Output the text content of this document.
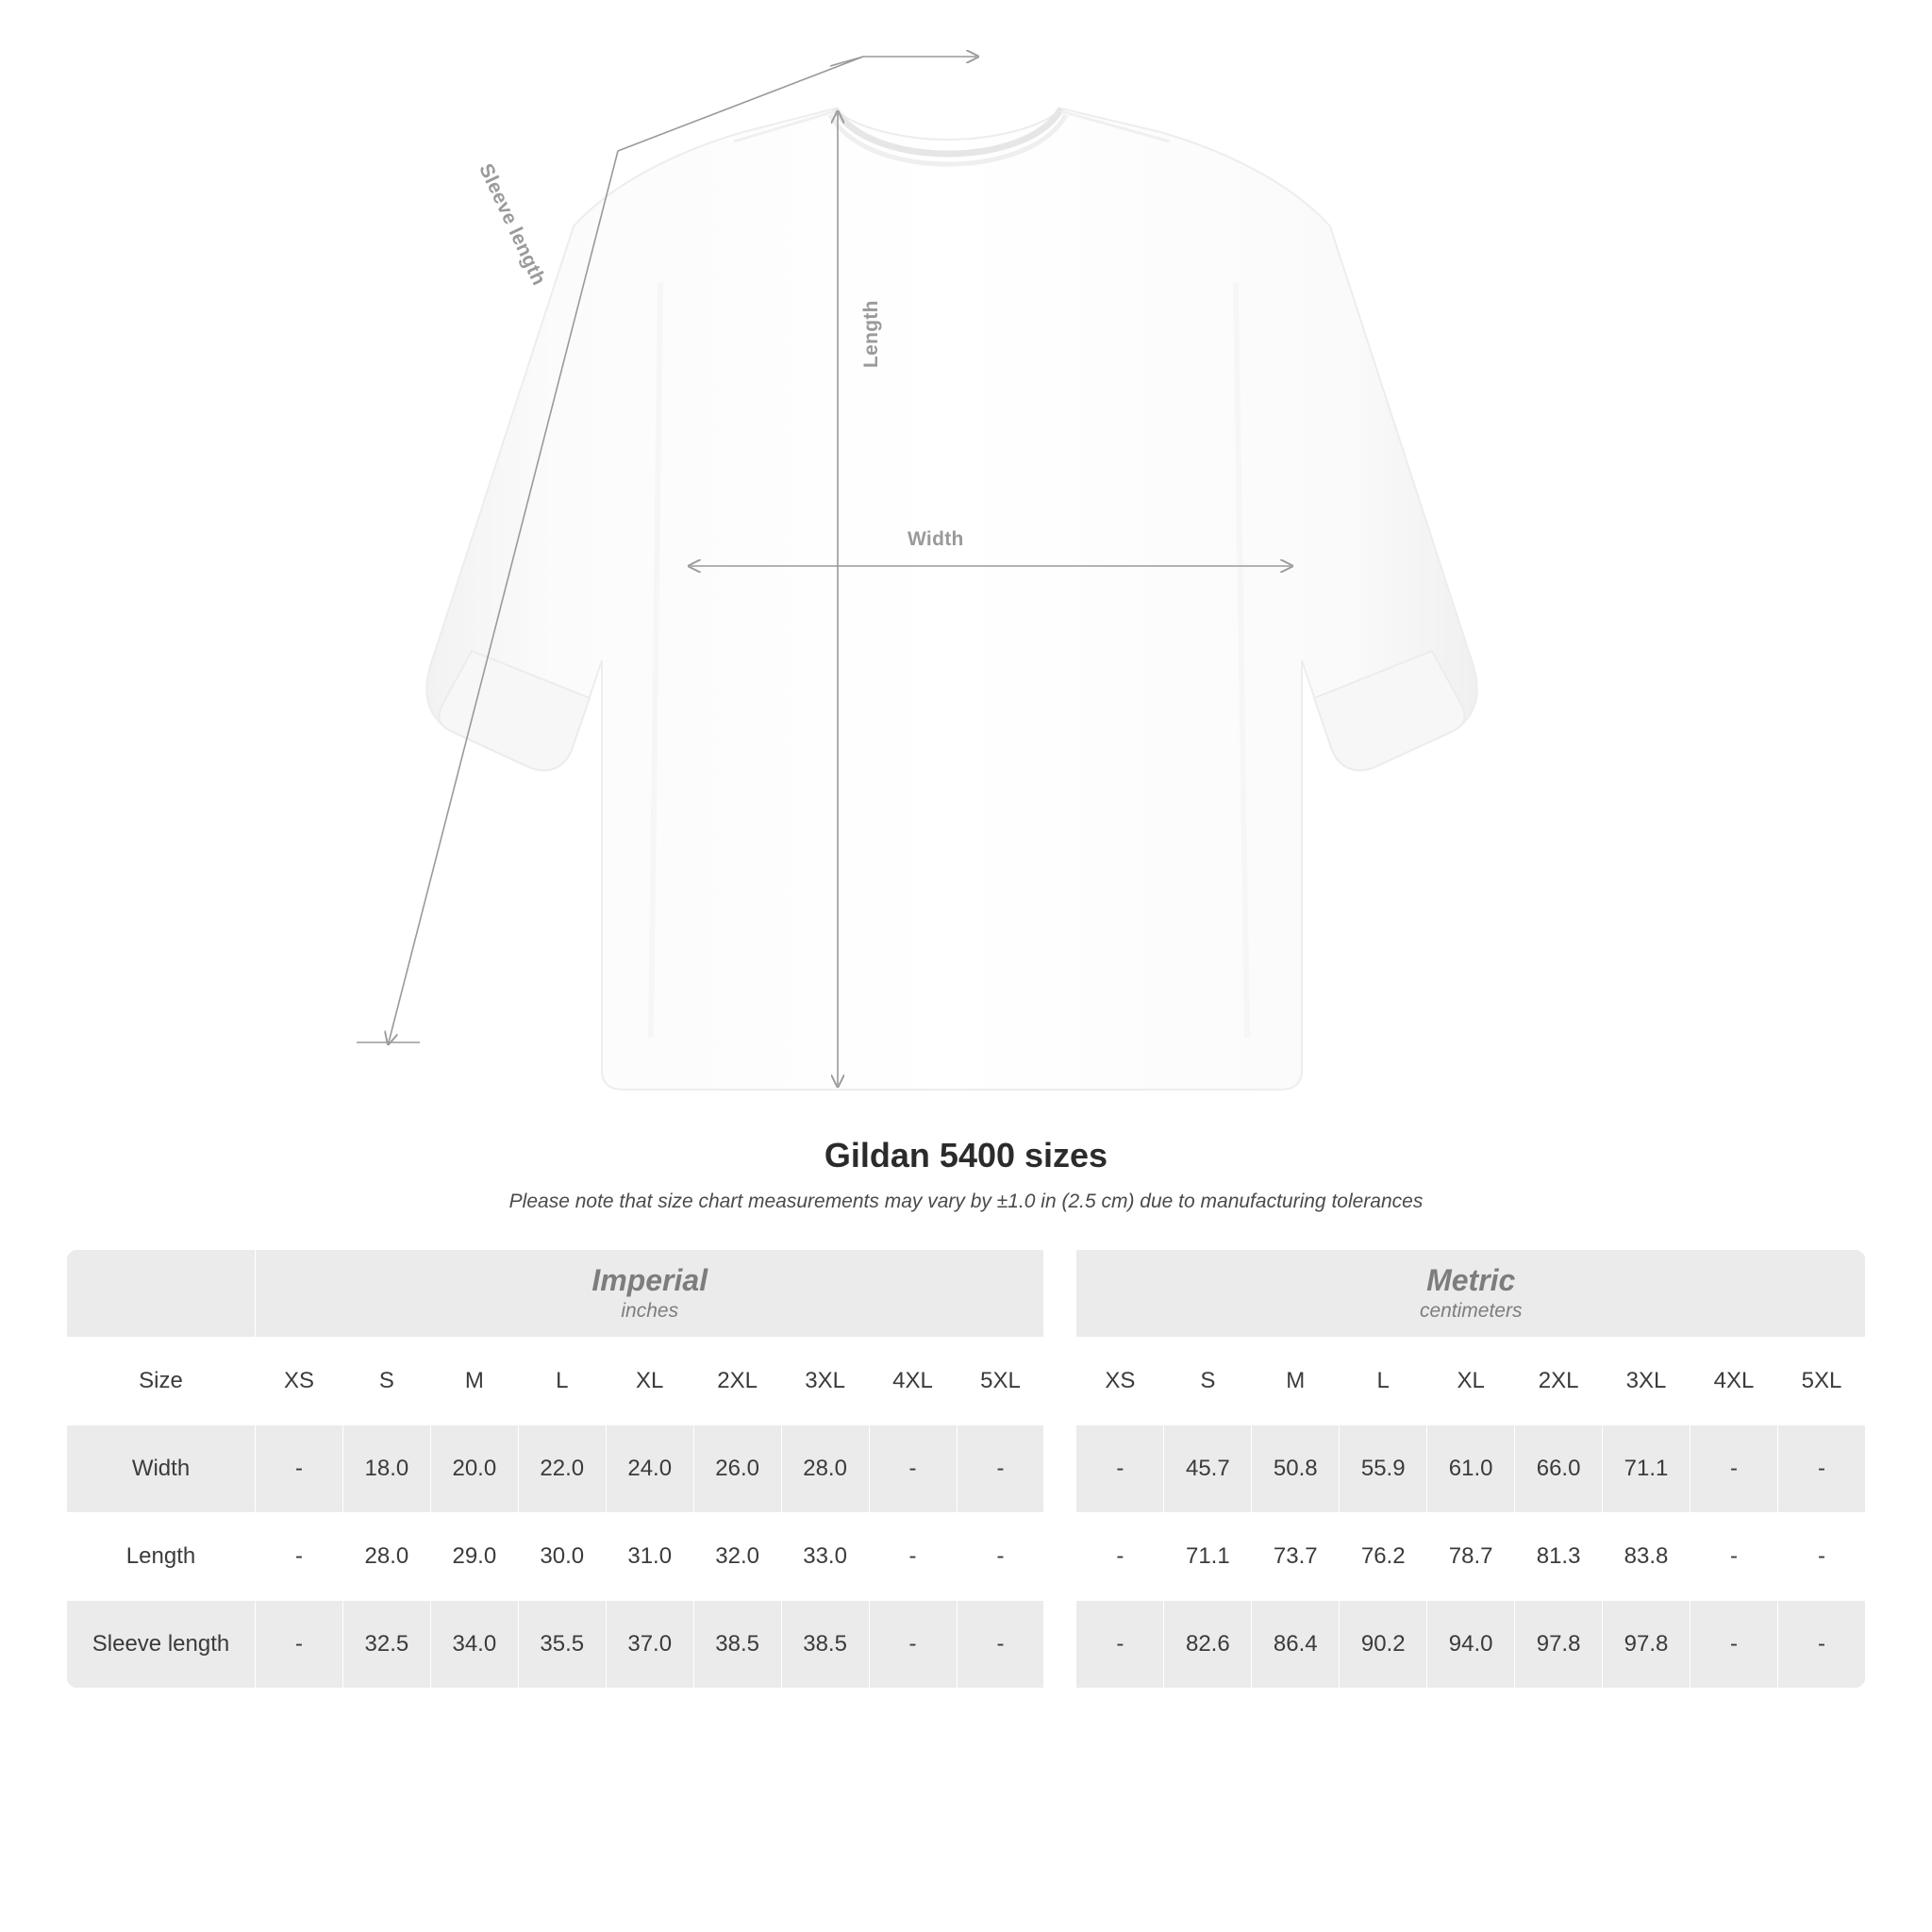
Sleeve length
Length
Width
Gildan 5400 sizes

Please note that size chart measurements may vary by ±1.0 in (2.5 cm) due to manufacturing tolerances

Imperial
inches

Metric
centimeters

Size	XS	S	M	L	XL	2XL	3XL	4XL	5XL		XS	S	M	L	XL	2XL	3XL	4XL	5XL
Width	-	18.0	20.0	22.0	24.0	26.0	28.0	-	-		-	45.7	50.8	55.9	61.0	66.0	71.1	-	-
Length	-	28.0	29.0	30.0	31.0	32.0	33.0	-	-		-	71.1	73.7	76.2	78.7	81.3	83.8	-	-
Sleeve length	-	32.5	34.0	35.5	37.0	38.5	38.5	-	-		-	82.6	86.4	90.2	94.0	97.8	97.8	-	-
